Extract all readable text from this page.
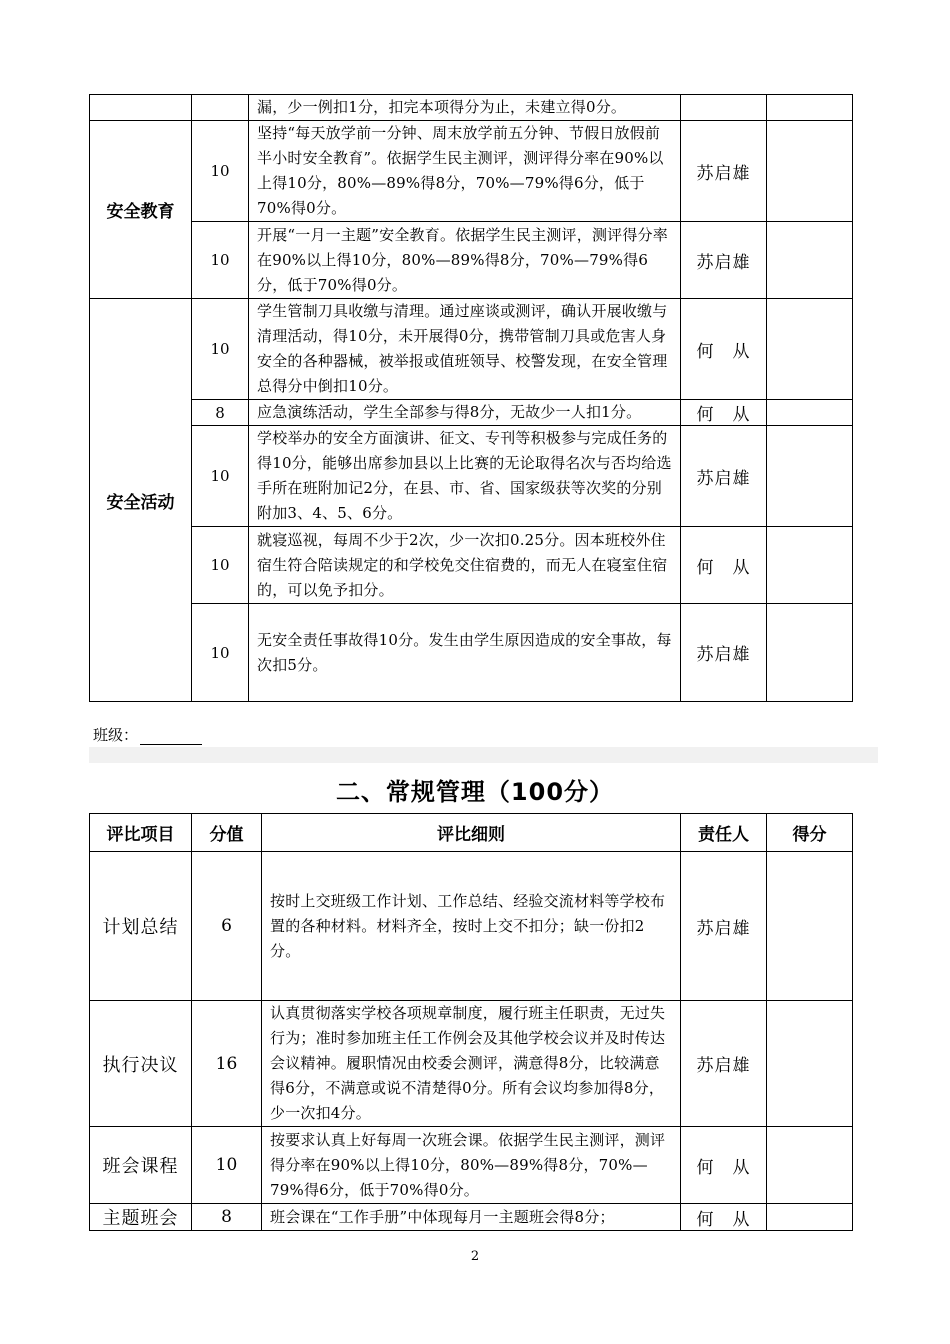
		漏，少一例扣1分，扣完本项得分为止，未建立得0分。		
安全教育	10	坚持“每天放学前一分钟、周末放学前五分钟、节假日放假前半小时安全教育”。依据学生民主测评，测评得分率在90%以上得10分，80%—89%得8分，70%—79%得6分，低于70%得0分。	苏启雄	
	10	开展“一月一主题”安全教育。依据学生民主测评，测评得分率在90%以上得10分，80%—89%得8分，70%—79%得6分，低于70%得0分。	苏启雄	
安全活动	10	学生管制刀具收缴与清理。通过座谈或测评，确认开展收缴与清理活动，得10分，未开展得0分，携带管制刀具或危害人身安全的各种器械，被举报或值班领导、校警发现，在安全管理总得分中倒扣10分。	何　从	
	8	应急演练活动，学生全部参与得8分，无故少一人扣1分。	何　从	
	10	学校举办的安全方面演讲、征文、专刊等积极参与完成任务的得10分，能够出席参加县以上比赛的无论取得名次与否均给选手所在班附加记2分，在县、市、省、国家级获等次奖的分别附加3、4、5、6分。	苏启雄	
	10	就寝巡视，每周不少于2次，少一次扣0.25分。因本班校外住宿生符合陪读规定的和学校免交住宿费的，而无人在寝室住宿的，可以免予扣分。	何　从	
	10	无安全责任事故得10分。发生由学生原因造成的安全事故，每次扣5分。	苏启雄	
班级：
二、常规管理（100分）
评比项目	分值	评比细则	责任人	得分
计划总结	6	按时上交班级工作计划、工作总结、经验交流材料等学校布置的各种材料。材料齐全，按时上交不扣分；缺一份扣2分。	苏启雄	
执行决议	16	认真贯彻落实学校各项规章制度，履行班主任职责，无过失行为；准时参加班主任工作例会及其他学校会议并及时传达会议精神。履职情况由校委会测评，满意得8分，比较满意得6分，不满意或说不清楚得0分。所有会议均参加得8分，少一次扣4分。	苏启雄	
班会课程	10	按要求认真上好每周一次班会课。依据学生民主测评，测评得分率在90%以上得10分，80%—89%得8分，70%—79%得6分，低于70%得0分。	何　从	
主题班会	8	班会课在“工作手册”中体现每月一主题班会得8分；	何　从	
2
